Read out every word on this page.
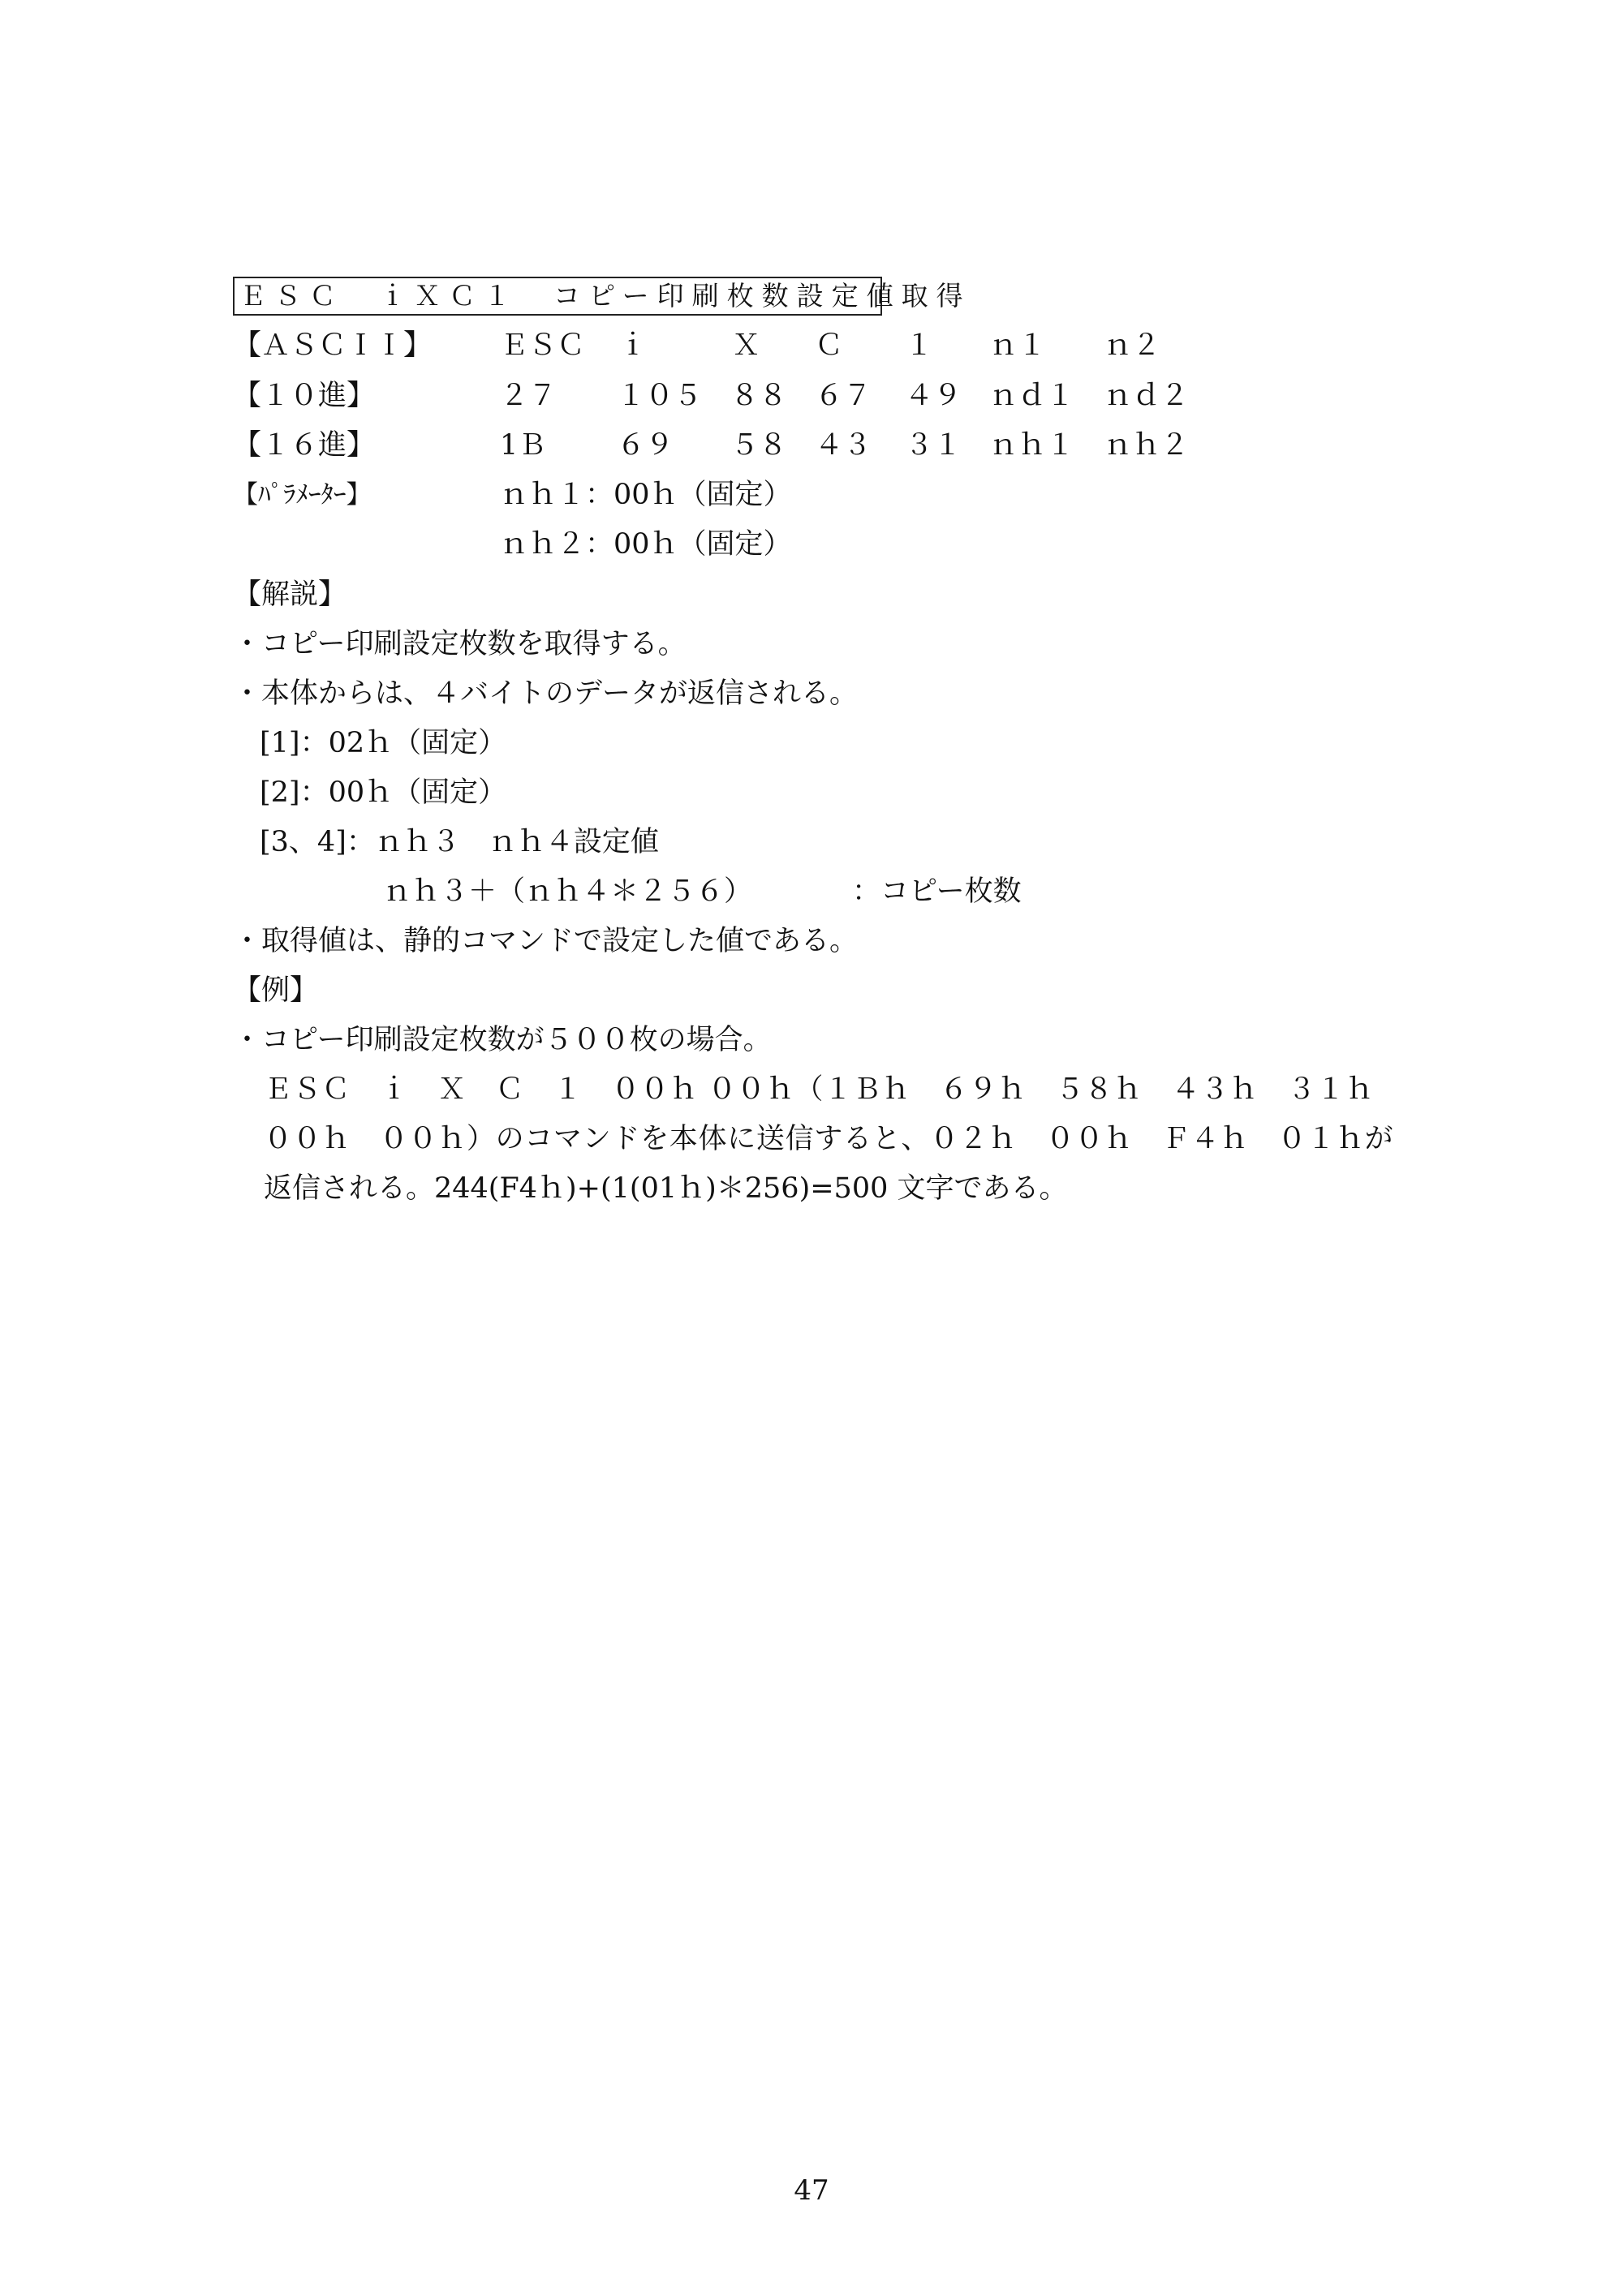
ＥＳＣ　ｉＸＣ１　コピー印刷枚数設定値取得
【ＡＳＣＩＩ】 ＥＳＣ ｉ	Ｘ Ｃ １ ｎ１ ｎ２
【１０進】	２７ １０５ ８８ ６７ ４９ ｎｄ１ ｎｄ２
【１６進】	1Ｂ ６９ ５８ ４３ ３１ ｎｈ１ ｎｈ２
【ﾊﾟﾗﾒｰﾀｰ】	ｎｈ１：00ｈ（固定）
ｎｈ２：00ｈ（固定）
【解説】
・コピー印刷設定枚数を取得する。
・本体からは、４バイトのデータが返信される。
[1]：02ｈ（固定）
[2]：00ｈ（固定）
[3、4]：ｎｈ３　ｎｈ４設定値
ｎｈ３＋（ｎｈ４＊２５６）	：コピー枚数
・取得値は、静的コマンドで設定した値である。
【例】
・コピー印刷設定枚数が５００枚の場合。
ＥＳＣ　ｉ　Ｘ　Ｃ　１　００ｈ ００ｈ（１Ｂｈ　６９ｈ　５８ｈ　４３ｈ　３１ｈ
００ｈ　００ｈ）のコマンドを本体に送信すると、０２ｈ　００ｈ　Ｆ４ｈ　０１ｈが
返信される。244(F4ｈ)+(1(01ｈ)＊256)=500 文字である。
47
